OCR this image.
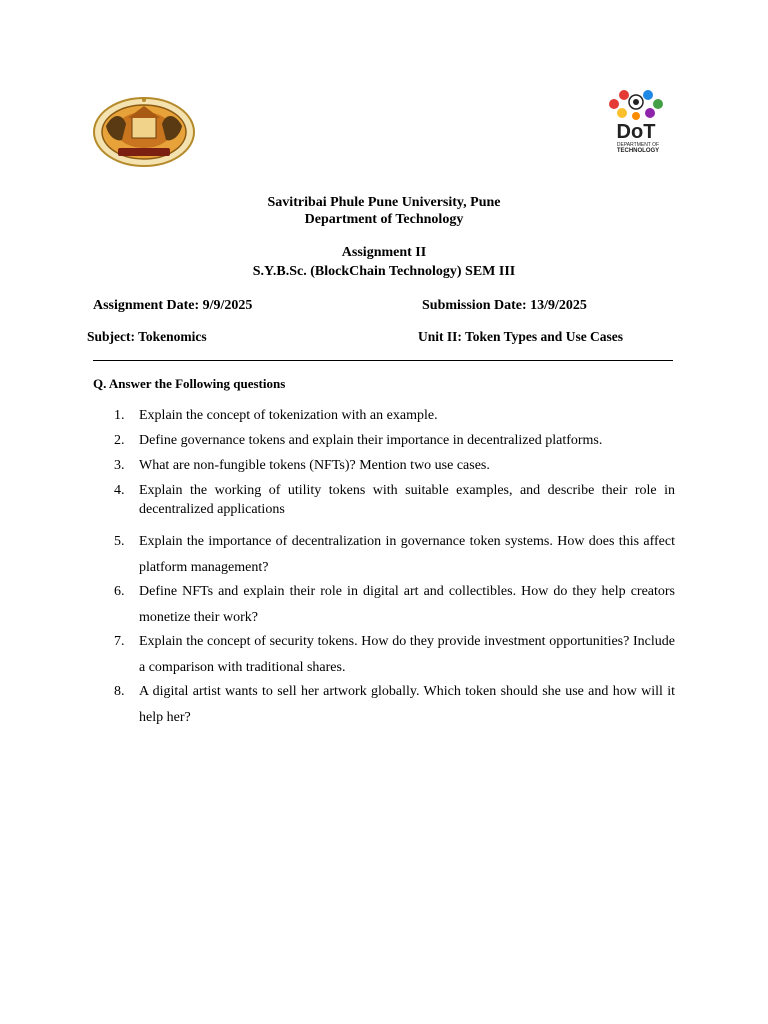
DoT
DEPARTMENT OF
TECHNOLOGY
Savitribai Phule Pune University, Pune
Department of Technology
Assignment II
S.Y.B.Sc. (BlockChain Technology) SEM III
Assignment Date: 9/9/2025	Submission Date: 13/9/2025
Subject: Tokenomics	Unit II: Token Types and Use Cases
Q. Answer the Following questions
1.	Explain the concept of tokenization with an example.
2.	Define governance tokens and explain their importance in decentralized platforms.
3.	What are non-fungible tokens (NFTs)? Mention two use cases.
4.	Explain the working of utility tokens with suitable examples, and describe their role in decentralized applications
5.	Explain the importance of decentralization in governance token systems. How does this affect platform management?
6.	Define NFTs and explain their role in digital art and collectibles. How do they help creators monetize their work?
7.	Explain the concept of security tokens. How do they provide investment opportunities? Include a comparison with traditional shares.
8.	A digital artist wants to sell her artwork globally. Which token should she use and how will it help her?
